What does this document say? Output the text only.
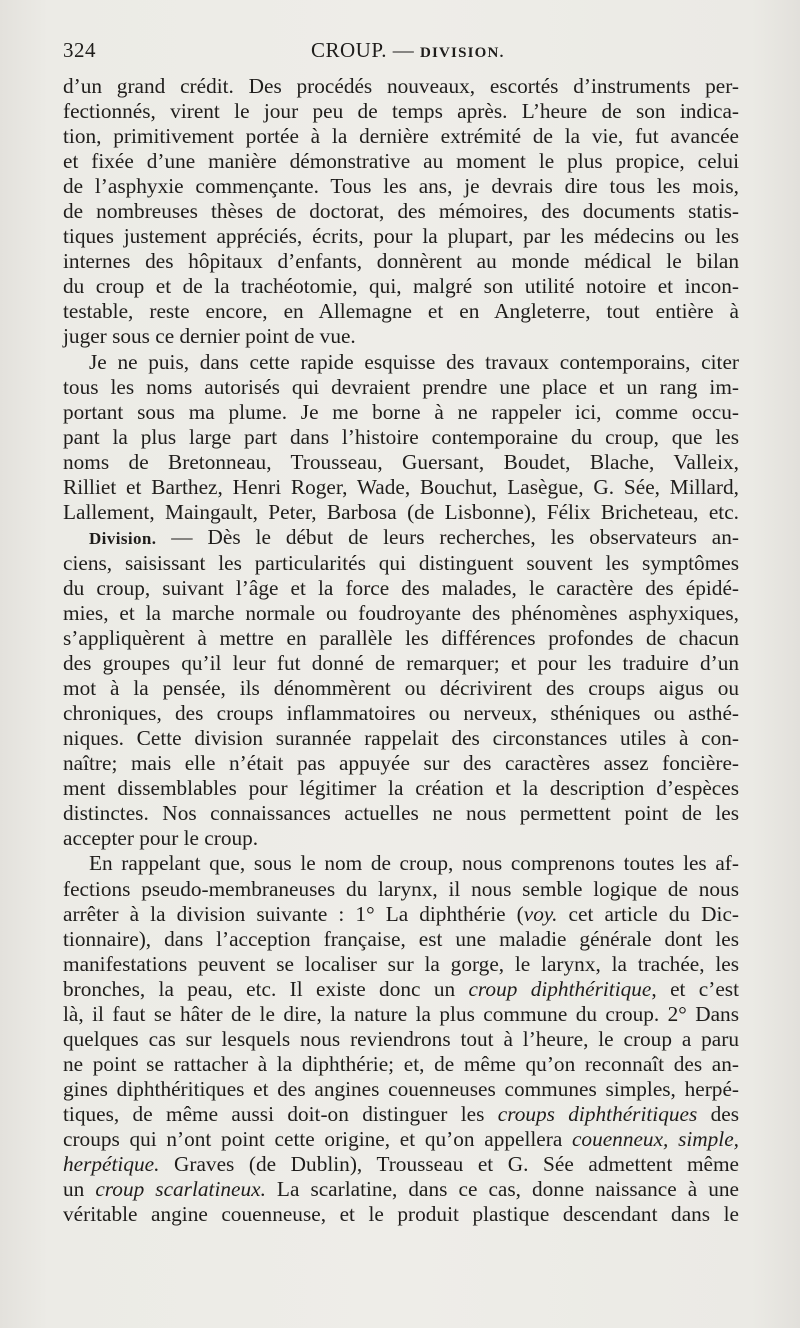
324	CROUP. — DIVISION.

d’un grand crédit. Des procédés nouveaux, escortés d’instruments per-
fectionnés, virent le jour peu de temps après. L’heure de son indica-
tion, primitivement portée à la dernière extrémité de la vie, fut avancée
et fixée d’une manière démonstrative au moment le plus propice, celui
de l’asphyxie commençante. Tous les ans, je devrais dire tous les mois,
de nombreuses thèses de doctorat, des mémoires, des documents statis-
tiques justement appréciés, écrits, pour la plupart, par les médecins ou les
internes des hôpitaux d’enfants, donnèrent au monde médical le bilan
du croup et de la trachéotomie, qui, malgré son utilité notoire et incon-
testable, reste encore, en Allemagne et en Angleterre, tout entière à
juger sous ce dernier point de vue.

Je ne puis, dans cette rapide esquisse des travaux contemporains, citer
tous les noms autorisés qui devraient prendre une place et un rang im-
portant sous ma plume. Je me borne à ne rappeler ici, comme occu-
pant la plus large part dans l’histoire contemporaine du croup, que les
noms de Bretonneau, Trousseau, Guersant, Boudet, Blache, Valleix,
Rilliet et Barthez, Henri Roger, Wade, Bouchut, Lasègue, G. Sée, Millard,
Lallement, Maingault, Peter, Barbosa (de Lisbonne), Félix Bricheteau, etc.

Division. — Dès le début de leurs recherches, les observateurs an-
ciens, saisissant les particularités qui distinguent souvent les symptômes
du croup, suivant l’âge et la force des malades, le caractère des épidé-
mies, et la marche normale ou foudroyante des phénomènes asphyxiques,
s’appliquèrent à mettre en parallèle les différences profondes de chacun
des groupes qu’il leur fut donné de remarquer; et pour les traduire d’un
mot à la pensée, ils dénommèrent ou décrivirent des croups aigus ou
chroniques, des croups inflammatoires ou nerveux, sthéniques ou asthé-
niques. Cette division surannée rappelait des circonstances utiles à con-
naître; mais elle n’était pas appuyée sur des caractères assez foncière-
ment dissemblables pour légitimer la création et la description d’espèces
distinctes. Nos connaissances actuelles ne nous permettent point de les
accepter pour le croup.

En rappelant que, sous le nom de croup, nous comprenons toutes les af-
fections pseudo-membraneuses du larynx, il nous semble logique de nous
arrêter à la division suivante : 1° La diphthérie (voy. cet article du Dic-
tionnaire), dans l’acception française, est une maladie générale dont les
manifestations peuvent se localiser sur la gorge, le larynx, la trachée, les
bronches, la peau, etc. Il existe donc un croup diphthéritique, et c’est
là, il faut se hâter de le dire, la nature la plus commune du croup. 2° Dans
quelques cas sur lesquels nous reviendrons tout à l’heure, le croup a paru
ne point se rattacher à la diphthérie; et, de même qu’on reconnaît des an-
gines diphthéritiques et des angines couenneuses communes simples, herpé-
tiques, de même aussi doit-on distinguer les croups diphthéritiques des
croups qui n’ont point cette origine, et qu’on appellera couenneux, simple,
herpétique. Graves (de Dublin), Trousseau et G. Sée admettent même
un croup scarlatineux. La scarlatine, dans ce cas, donne naissance à une
véritable angine couenneuse, et le produit plastique descendant dans le
